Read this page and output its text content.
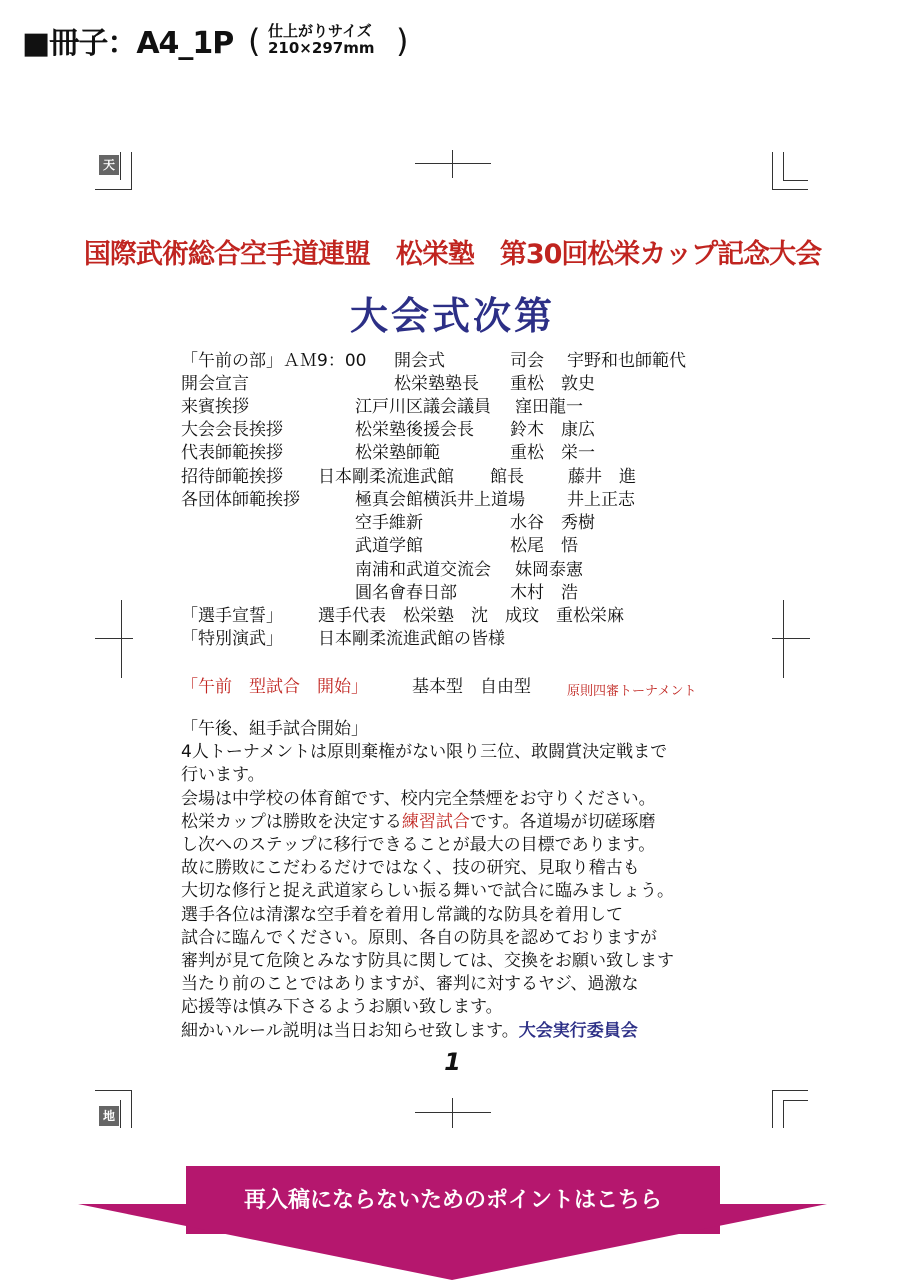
■冊子：A4_1P ( 仕上がりサイズ
210×297mm )
天
地
国際武術総合空手道連盟　松栄塾　第30回松栄カップ記念大会
大会式次第
「午前の部」ＡＭ9：00 開会式	司会 宇野和也師範代
開会宣言	松栄塾塾長 重松　敦史
来賓挨拶	江戸川区議会議員 窪田龍一
大会会長挨拶	松栄塾後援会長 鈴木　康広
代表師範挨拶	松栄塾師範	重松　栄一
招待師範挨拶 日本剛柔流進武館 館長	藤井　進
各団体師範挨拶	極真会館横浜井上道場 井上正志
空手維新	水谷　秀樹
武道学館	松尾　悟
南浦和武道交流会 妹岡泰憲
圓名會春日部	木村　浩
「選手宣誓」 選手代表　松栄塾　沈　成玟　重松栄麻
「特別演武」 日本剛柔流進武館の皆様
「午前　型試合　開始」	基本型　自由型	原則四審トーナメント
「午後、組手試合開始」
4人トーナメントは原則棄権がない限り三位、敢闘賞決定戦まで
行います。
会場は中学校の体育館です、校内完全禁煙をお守りください。
松栄カップは勝敗を決定する練習試合です。各道場が切磋琢磨
し次へのステップに移行できることが最大の目標であります。
故に勝敗にこだわるだけではなく、技の研究、見取り稽古も
大切な修行と捉え武道家らしい振る舞いで試合に臨みましょう。
選手各位は清潔な空手着を着用し常識的な防具を着用して
試合に臨んでください。原則、各自の防具を認めておりますが
審判が見て危険とみなす防具に関しては、交換をお願い致します
当たり前のことではありますが、審判に対するヤジ、過激な
応援等は慎み下さるようお願い致します。
細かいルール説明は当日お知らせ致します。大会実行委員会
1
再入稿にならないためのポイントはこちら
